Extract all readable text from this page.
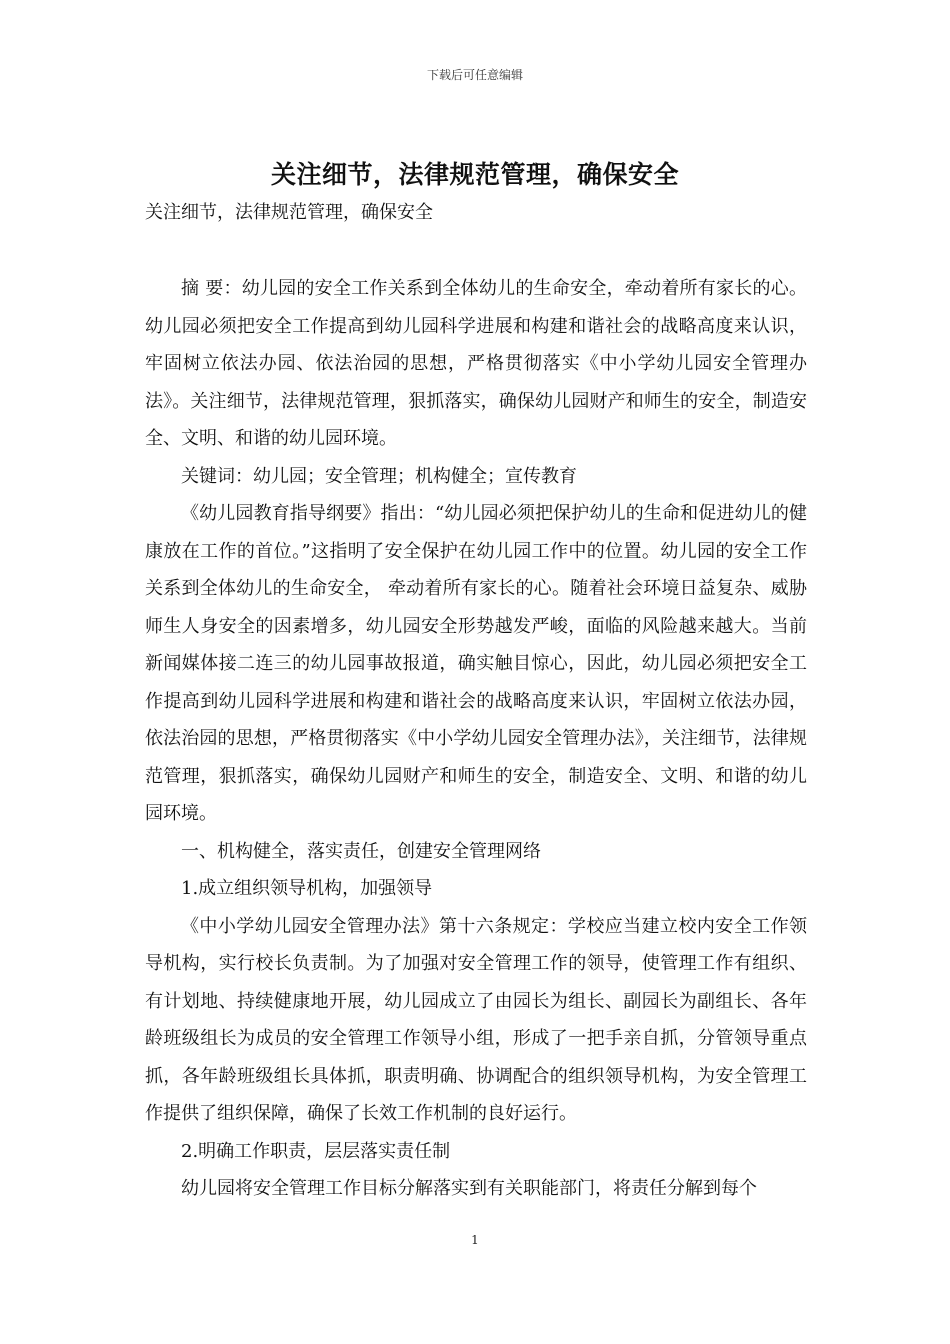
下载后可任意编辑
关注细节，法律规范管理，确保安全
关注细节，法律规范管理，确保安全

摘 要：幼儿园的安全工作关系到全体幼儿的生命安全，牵动着所有家长的心。幼儿园必须把安全工作提高到幼儿园科学进展和构建和谐社会的战略高度来认识，牢固树立依法办园、依法治园的思想，严格贯彻落实《中小学幼儿园安全管理办法》。关注细节，法律规范管理，狠抓落实，确保幼儿园财产和师生的安全，制造安全、文明、和谐的幼儿园环境。

关键词：幼儿园；安全管理；机构健全；宣传教育

《幼儿园教育指导纲要》指出：“幼儿园必须把保护幼儿的生命和促进幼儿的健康放在工作的首位。”这指明了安全保护在幼儿园工作中的位置。幼儿园的安全工作关系到全体幼儿的生命安全， 牵动着所有家长的心。随着社会环境日益复杂、威胁师生人身安全的因素增多，幼儿园安全形势越发严峻，面临的风险越来越大。当前新闻媒体接二连三的幼儿园事故报道，确实触目惊心，因此，幼儿园必须把安全工作提高到幼儿园科学进展和构建和谐社会的战略高度来认识，牢固树立依法办园，依法治园的思想，严格贯彻落实《中小学幼儿园安全管理办法》，关注细节，法律规范管理，狠抓落实，确保幼儿园财产和师生的安全，制造安全、文明、和谐的幼儿园环境。

一、机构健全，落实责任，创建安全管理网络

1.成立组织领导机构，加强领导

《中小学幼儿园安全管理办法》第十六条规定：学校应当建立校内安全工作领导机构，实行校长负责制。为了加强对安全管理工作的领导，使管理工作有组织、有计划地、持续健康地开展，幼儿园成立了由园长为组长、副园长为副组长、各年龄班级组长为成员的安全管理工作领导小组，形成了一把手亲自抓，分管领导重点抓，各年龄班级组长具体抓，职责明确、协调配合的组织领导机构，为安全管理工作提供了组织保障，确保了长效工作机制的良好运行。

2.明确工作职责，层层落实责任制

幼儿园将安全管理工作目标分解落实到有关职能部门，将责任分解到每个

1
